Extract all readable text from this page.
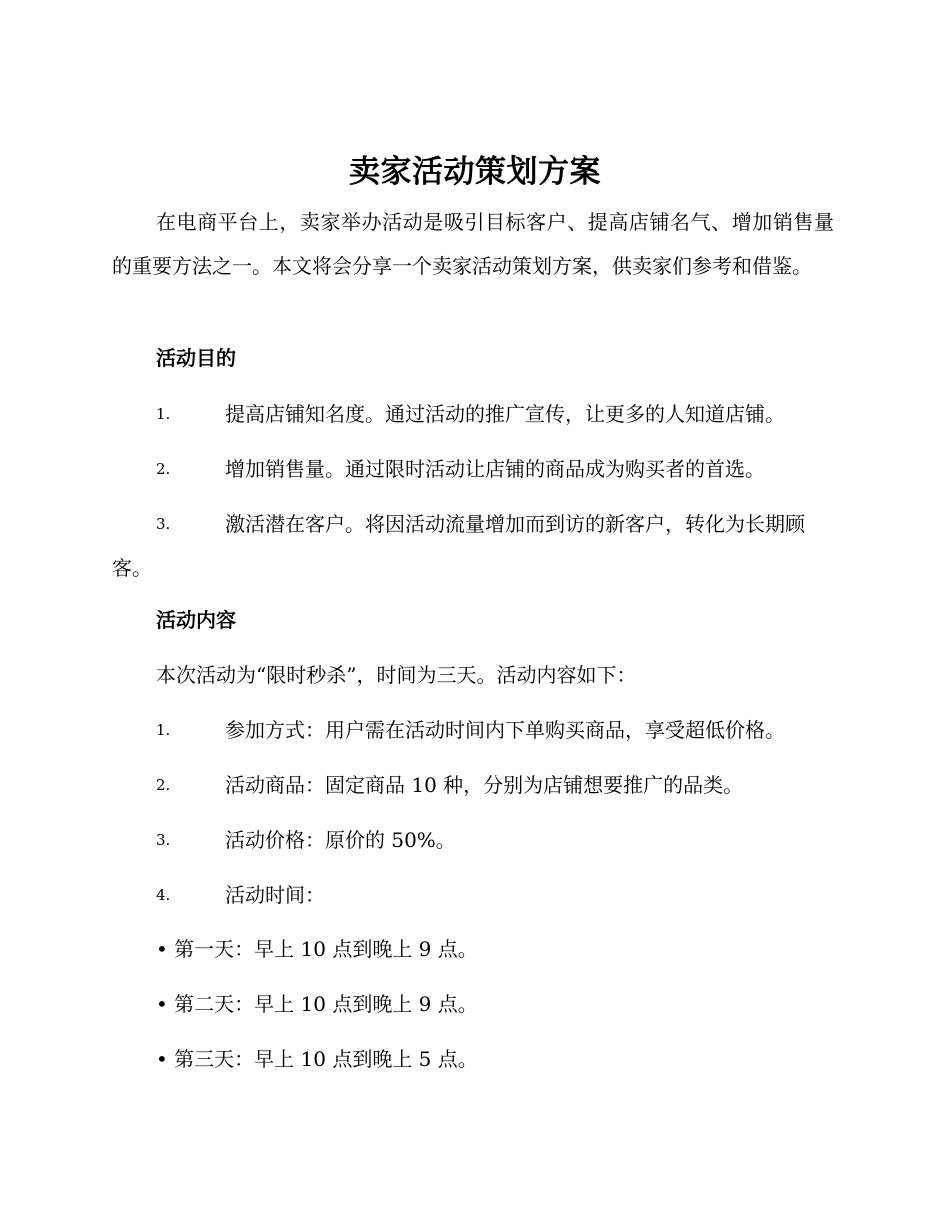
卖家活动策划方案
在电商平台上，卖家举办活动是吸引目标客户、提高店铺名气、增加销售量的重要方法之一。本文将会分享一个卖家活动策划方案，供卖家们参考和借鉴。
活动目的
1.	提高店铺知名度。通过活动的推广宣传，让更多的人知道店铺。
2.	增加销售量。通过限时活动让店铺的商品成为购买者的首选。
3.	激活潜在客户。将因活动流量增加而到访的新客户，转化为长期顾客。
活动内容
本次活动为“限时秒杀”，时间为三天。活动内容如下：
1.	参加方式：用户需在活动时间内下单购买商品，享受超低价格。
2.	活动商品：固定商品 10 种，分别为店铺想要推广的品类。
3.	活动价格：原价的 50%。
4.	活动时间：
• 第一天：早上 10 点到晚上 9 点。
• 第二天：早上 10 点到晚上 9 点。
• 第三天：早上 10 点到晚上 5 点。
